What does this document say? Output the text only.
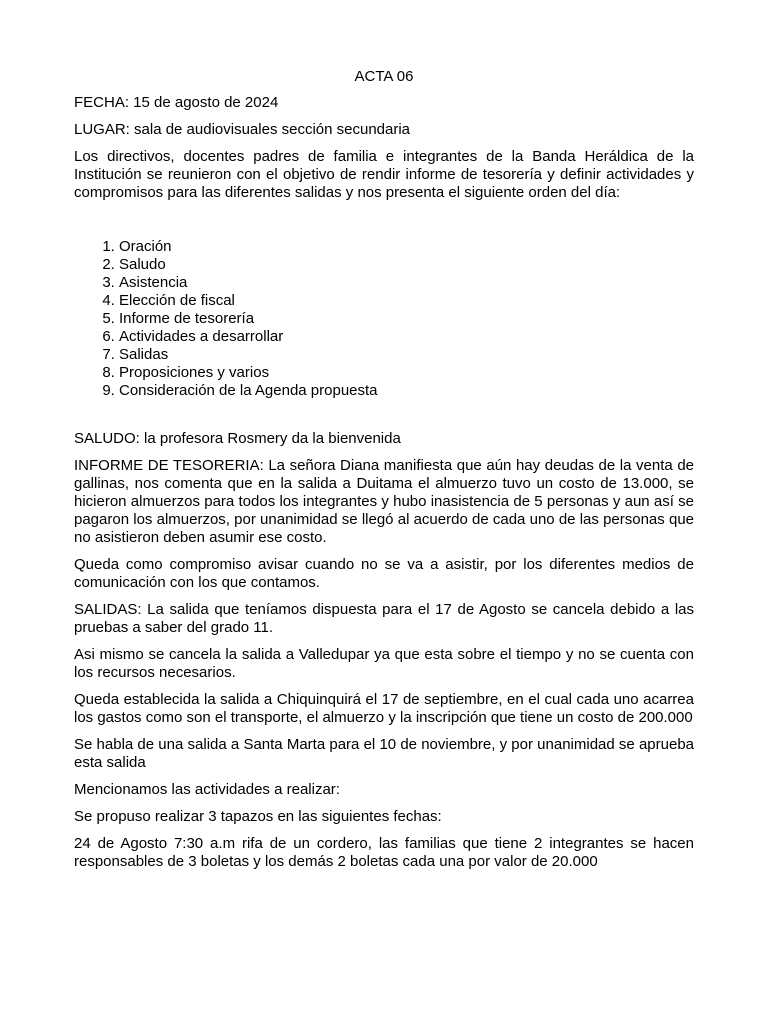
ACTA 06

FECHA: 15 de agosto de 2024

LUGAR: sala de audiovisuales sección secundaria

Los directivos, docentes padres de familia e integrantes de la Banda Heráldica de la Institución se reunieron con el objetivo de rendir informe de tesorería y definir actividades y compromisos para las diferentes salidas y nos presenta el siguiente orden del día:

1. Oración
2. Saludo
3. Asistencia
4. Elección de fiscal
5. Informe de tesorería
6. Actividades a desarrollar
7. Salidas
8. Proposiciones y varios
9. Consideración de la Agenda propuesta

SALUDO: la profesora Rosmery da la bienvenida

INFORME DE TESORERIA: La señora Diana manifiesta que aún hay deudas de la venta de gallinas, nos comenta que en la salida a Duitama el almuerzo tuvo un costo de 13.000, se hicieron almuerzos para todos los integrantes y hubo inasistencia de 5 personas y aun así se pagaron los almuerzos, por unanimidad se llegó al acuerdo de cada uno de las personas que no asistieron deben asumir ese costo.

Queda como compromiso avisar cuando no se va a asistir, por los diferentes medios de comunicación con los que contamos.

SALIDAS: La salida que teníamos dispuesta para el 17 de Agosto se cancela debido a las pruebas a saber del grado 11.

Asi mismo se cancela la salida a Valledupar ya que esta sobre el tiempo y no se cuenta con los recursos necesarios.

Queda establecida la salida a Chiquinquirá el 17 de septiembre, en el cual cada uno acarrea los gastos como son el transporte, el almuerzo y la inscripción que tiene un costo de 200.000

Se habla de una salida a Santa Marta para el 10 de noviembre, y por unanimidad se aprueba esta salida

Mencionamos las actividades a realizar:

Se propuso realizar 3 tapazos en las siguientes fechas:

24 de Agosto 7:30 a.m rifa de un cordero, las familias que tiene 2 integrantes se hacen responsables de 3 boletas y los demás 2 boletas cada una por valor de 20.000
